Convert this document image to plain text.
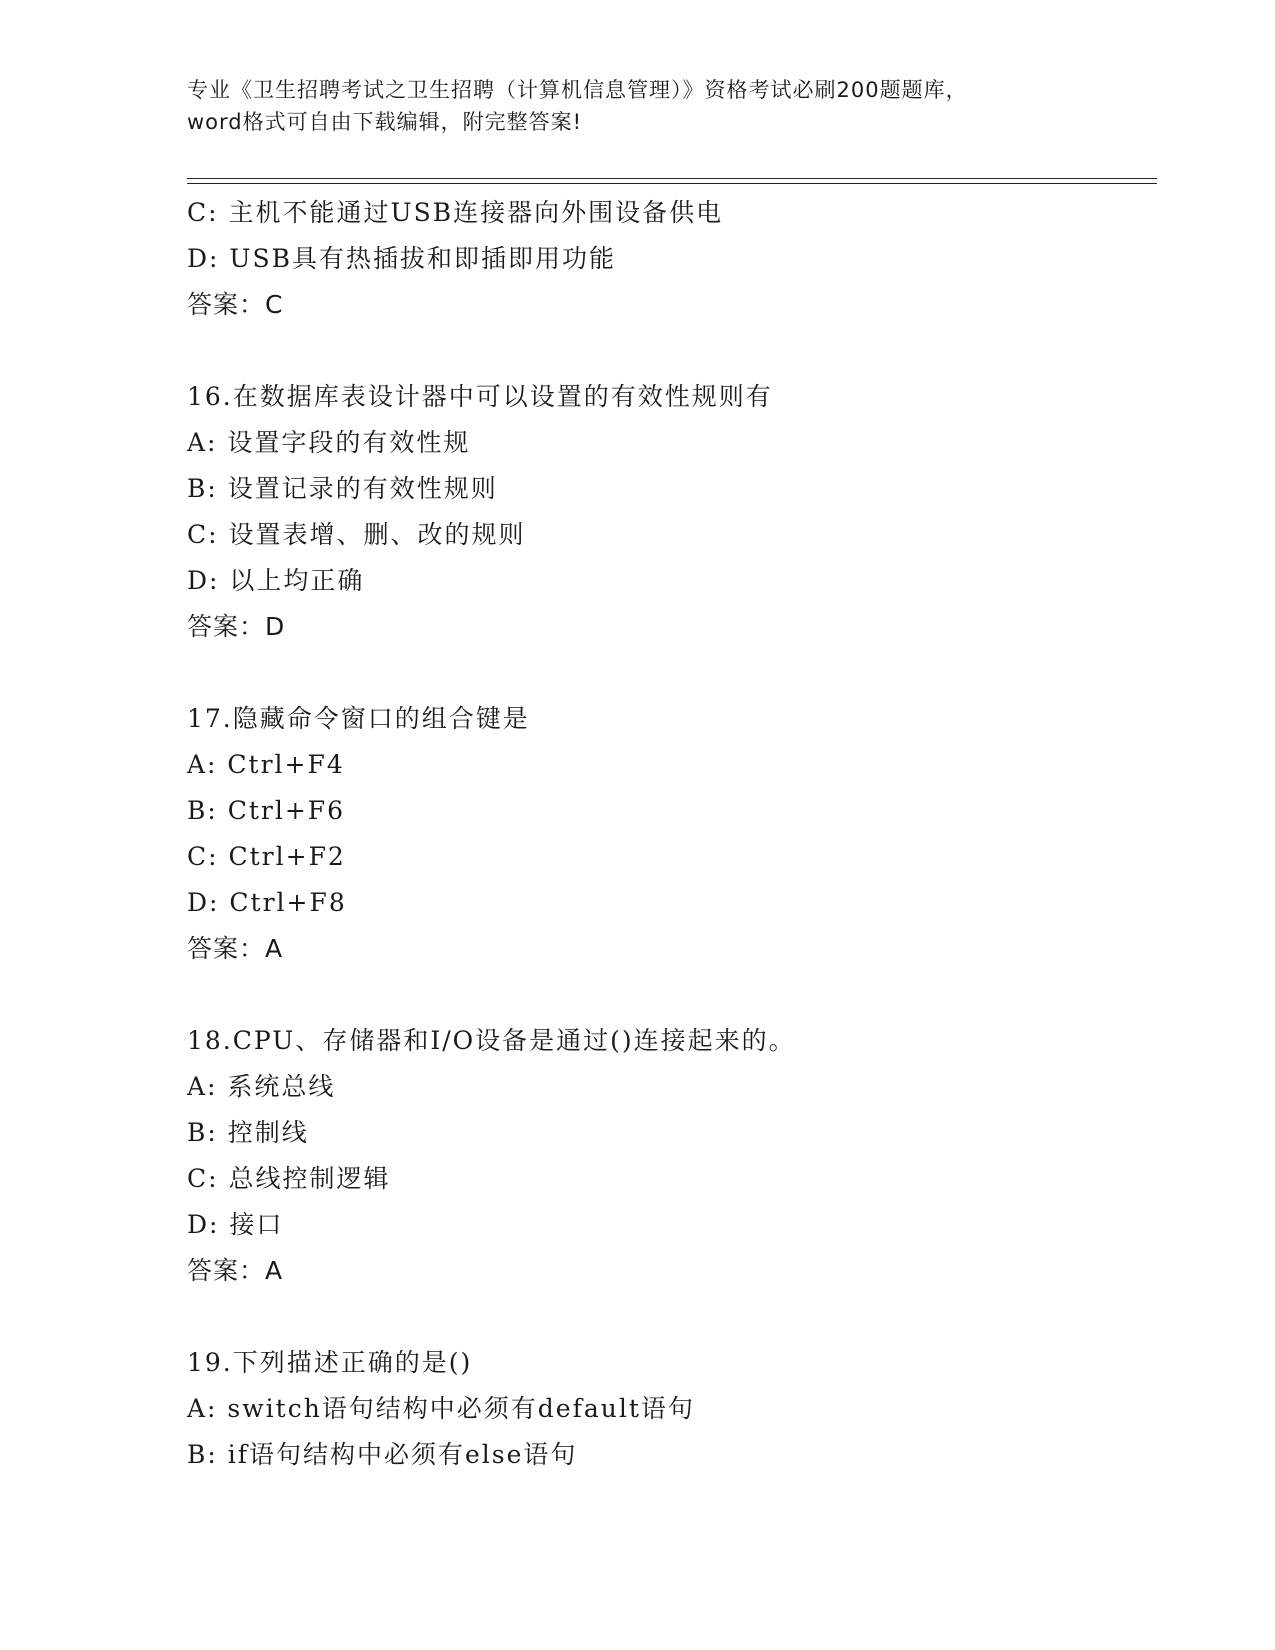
专业《卫生招聘考试之卫生招聘（计算机信息管理）》资格考试必刷200题题库，
word格式可自由下载编辑，附完整答案!
C: 主机不能通过USB连接器向外围设备供电
D: USB具有热插拔和即插即用功能
答案：C
16.在数据库表设计器中可以设置的有效性规则有
A: 设置字段的有效性规
B: 设置记录的有效性规则
C: 设置表增、删、改的规则
D: 以上均正确
答案：D
17.隐藏命令窗口的组合键是
A: Ctrl+F4
B: Ctrl+F6
C: Ctrl+F2
D: Ctrl+F8
答案：A
18.CPU、存储器和I/O设备是通过()连接起来的。
A: 系统总线
B: 控制线
C: 总线控制逻辑
D: 接口
答案：A
19.下列描述正确的是()
A: switch语句结构中必须有default语句
B: if语句结构中必须有else语句
